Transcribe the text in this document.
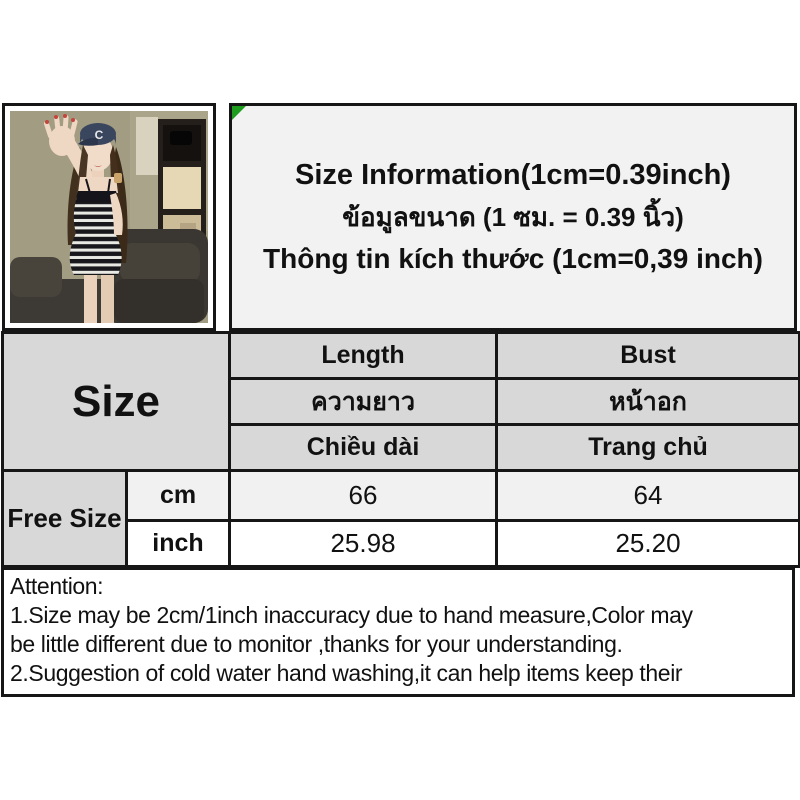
C
Size Information(1cm=0.39inch)
ข้อมูลขนาด (1 ซม. = 0.39 นิ้ว)
Thông tin kích thước (1cm=0,39 inch)
Size		Length	Bust
		ความยาว	หน้าอก
		Chiều dài	Trang chủ
Free Size	cm	66	64
	inch	25.98	25.20
Attention:
1.Size may be 2cm/1inch inaccuracy due to hand measure,Color may
be little different due to monitor ,thanks for your understanding.
2.Suggestion of cold water hand washing,it can help items keep their
